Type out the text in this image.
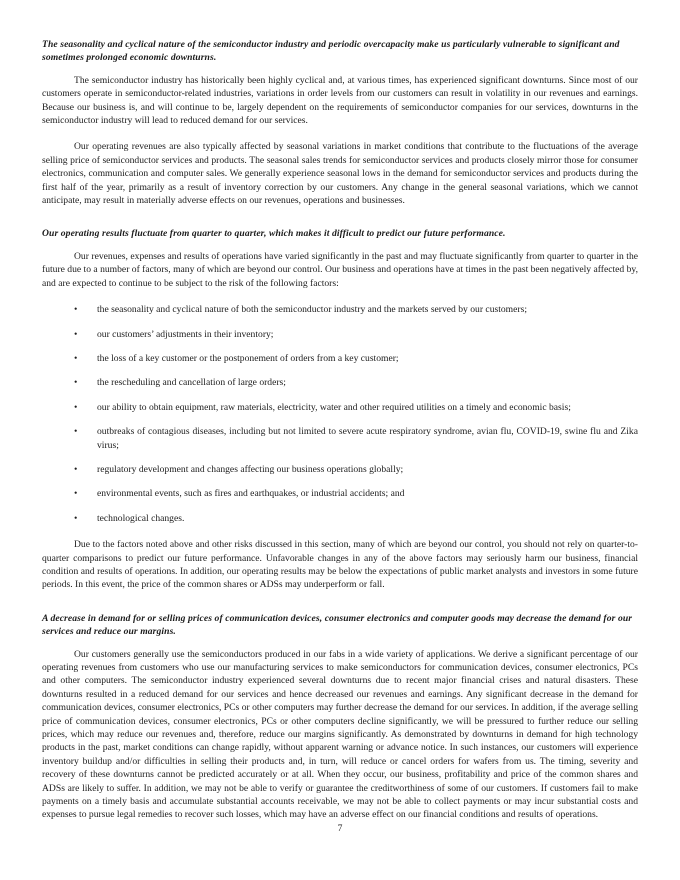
The seasonality and cyclical nature of the semiconductor industry and periodic overcapacity make us particularly vulnerable to significant and sometimes prolonged economic downturns.

The semiconductor industry has historically been highly cyclical and, at various times, has experienced significant downturns. Since most of our customers operate in semiconductor-related industries, variations in order levels from our customers can result in volatility in our revenues and earnings. Because our business is, and will continue to be, largely dependent on the requirements of semiconductor companies for our services, downturns in the semiconductor industry will lead to reduced demand for our services.

Our operating revenues are also typically affected by seasonal variations in market conditions that contribute to the fluctuations of the average selling price of semiconductor services and products. The seasonal sales trends for semiconductor services and products closely mirror those for consumer electronics, communication and computer sales. We generally experience seasonal lows in the demand for semiconductor services and products during the first half of the year, primarily as a result of inventory correction by our customers. Any change in the general seasonal variations, which we cannot anticipate, may result in materially adverse effects on our revenues, operations and businesses.

Our operating results fluctuate from quarter to quarter, which makes it difficult to predict our future performance.

Our revenues, expenses and results of operations have varied significantly in the past and may fluctuate significantly from quarter to quarter in the future due to a number of factors, many of which are beyond our control. Our business and operations have at times in the past been negatively affected by, and are expected to continue to be subject to the risk of the following factors:

• the seasonality and cyclical nature of both the semiconductor industry and the markets served by our customers;
• our customers’ adjustments in their inventory;
• the loss of a key customer or the postponement of orders from a key customer;
• the rescheduling and cancellation of large orders;
• our ability to obtain equipment, raw materials, electricity, water and other required utilities on a timely and economic basis;
• outbreaks of contagious diseases, including but not limited to severe acute respiratory syndrome, avian flu, COVID-19, swine flu and Zika virus;
• regulatory development and changes affecting our business operations globally;
• environmental events, such as fires and earthquakes, or industrial accidents; and
• technological changes.

Due to the factors noted above and other risks discussed in this section, many of which are beyond our control, you should not rely on quarter-to-quarter comparisons to predict our future performance. Unfavorable changes in any of the above factors may seriously harm our business, financial condition and results of operations. In addition, our operating results may be below the expectations of public market analysts and investors in some future periods. In this event, the price of the common shares or ADSs may underperform or fall.

A decrease in demand for or selling prices of communication devices, consumer electronics and computer goods may decrease the demand for our services and reduce our margins.

Our customers generally use the semiconductors produced in our fabs in a wide variety of applications. We derive a significant percentage of our operating revenues from customers who use our manufacturing services to make semiconductors for communication devices, consumer electronics, PCs and other computers. The semiconductor industry experienced several downturns due to recent major financial crises and natural disasters. These downturns resulted in a reduced demand for our services and hence decreased our revenues and earnings. Any significant decrease in the demand for communication devices, consumer electronics, PCs or other computers may further decrease the demand for our services. In addition, if the average selling price of communication devices, consumer electronics, PCs or other computers decline significantly, we will be pressured to further reduce our selling prices, which may reduce our revenues and, therefore, reduce our margins significantly. As demonstrated by downturns in demand for high technology products in the past, market conditions can change rapidly, without apparent warning or advance notice. In such instances, our customers will experience inventory buildup and/or difficulties in selling their products and, in turn, will reduce or cancel orders for wafers from us. The timing, severity and recovery of these downturns cannot be predicted accurately or at all. When they occur, our business, profitability and price of the common shares and ADSs are likely to suffer. In addition, we may not be able to verify or guarantee the creditworthiness of some of our customers. If customers fail to make payments on a timely basis and accumulate substantial accounts receivable, we may not be able to collect payments or may incur substantial costs and expenses to pursue legal remedies to recover such losses, which may have an adverse effect on our financial conditions and results of operations.

7
